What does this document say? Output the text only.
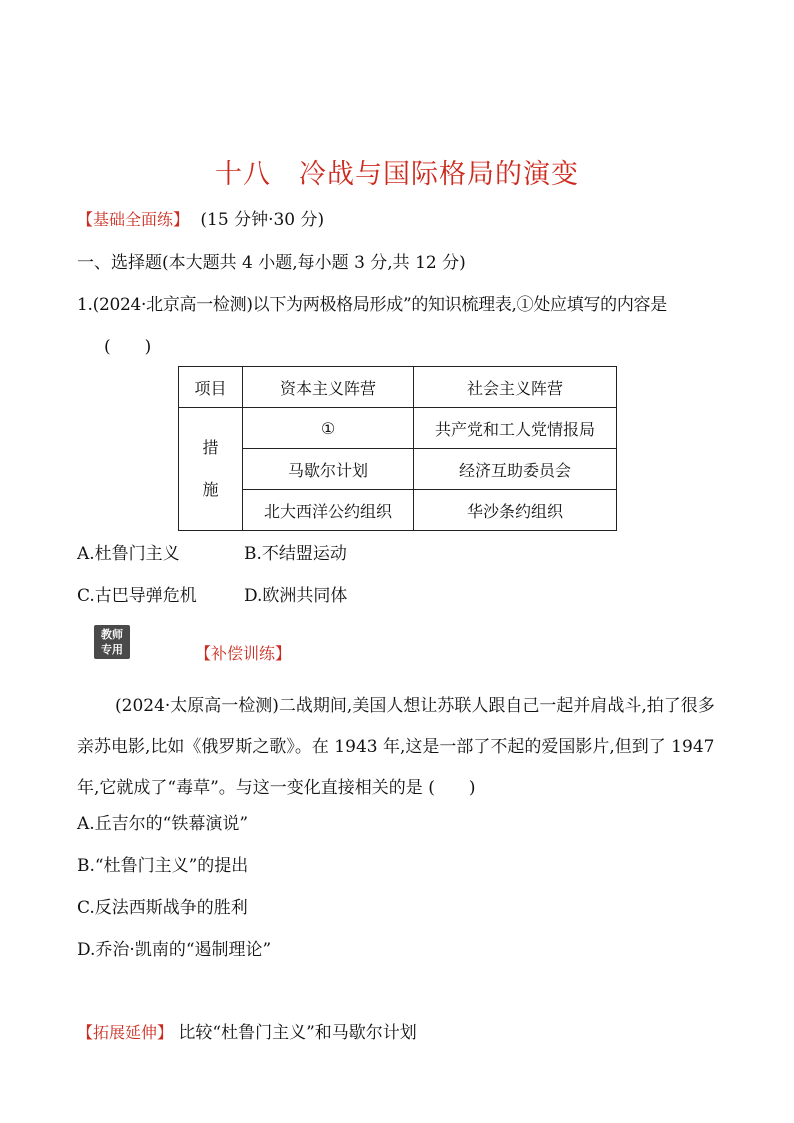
十八　冷战与国际格局的演变
【基础全面练】 (15 分钟·30 分)
一、选择题(本大题共 4 小题,每小题 3 分,共 12 分)
1.(2024·北京高一检测)以下为两极格局形成”的知识梳理表,①处应填写的内容是
(　　)
项目	资本主义阵营	社会主义阵营

措
施	①	共产党和工人党情报局
	马歇尔计划	经济互助委员会
	北大西洋公约组织	华沙条约组织
A.杜鲁门主义	B.不结盟运动
C.古巴导弹危机	D.欧洲共同体
教师
专用	【补偿训练】

(2024·太原高一检测)二战期间,美国人想让苏联人跟自己一起并肩战斗,拍了很多亲苏电影,比如《俄罗斯之歌》。在 1943 年,这是一部了不起的爱国影片,但到了 1947 年,它就成了“毒草”。与这一变化直接相关的是 (　　)

A.丘吉尔的“铁幕演说”
B.“杜鲁门主义”的提出
C.反法西斯战争的胜利
D.乔治·凯南的“遏制理论”
【拓展延伸】 比较“杜鲁门主义”和马歇尔计划
